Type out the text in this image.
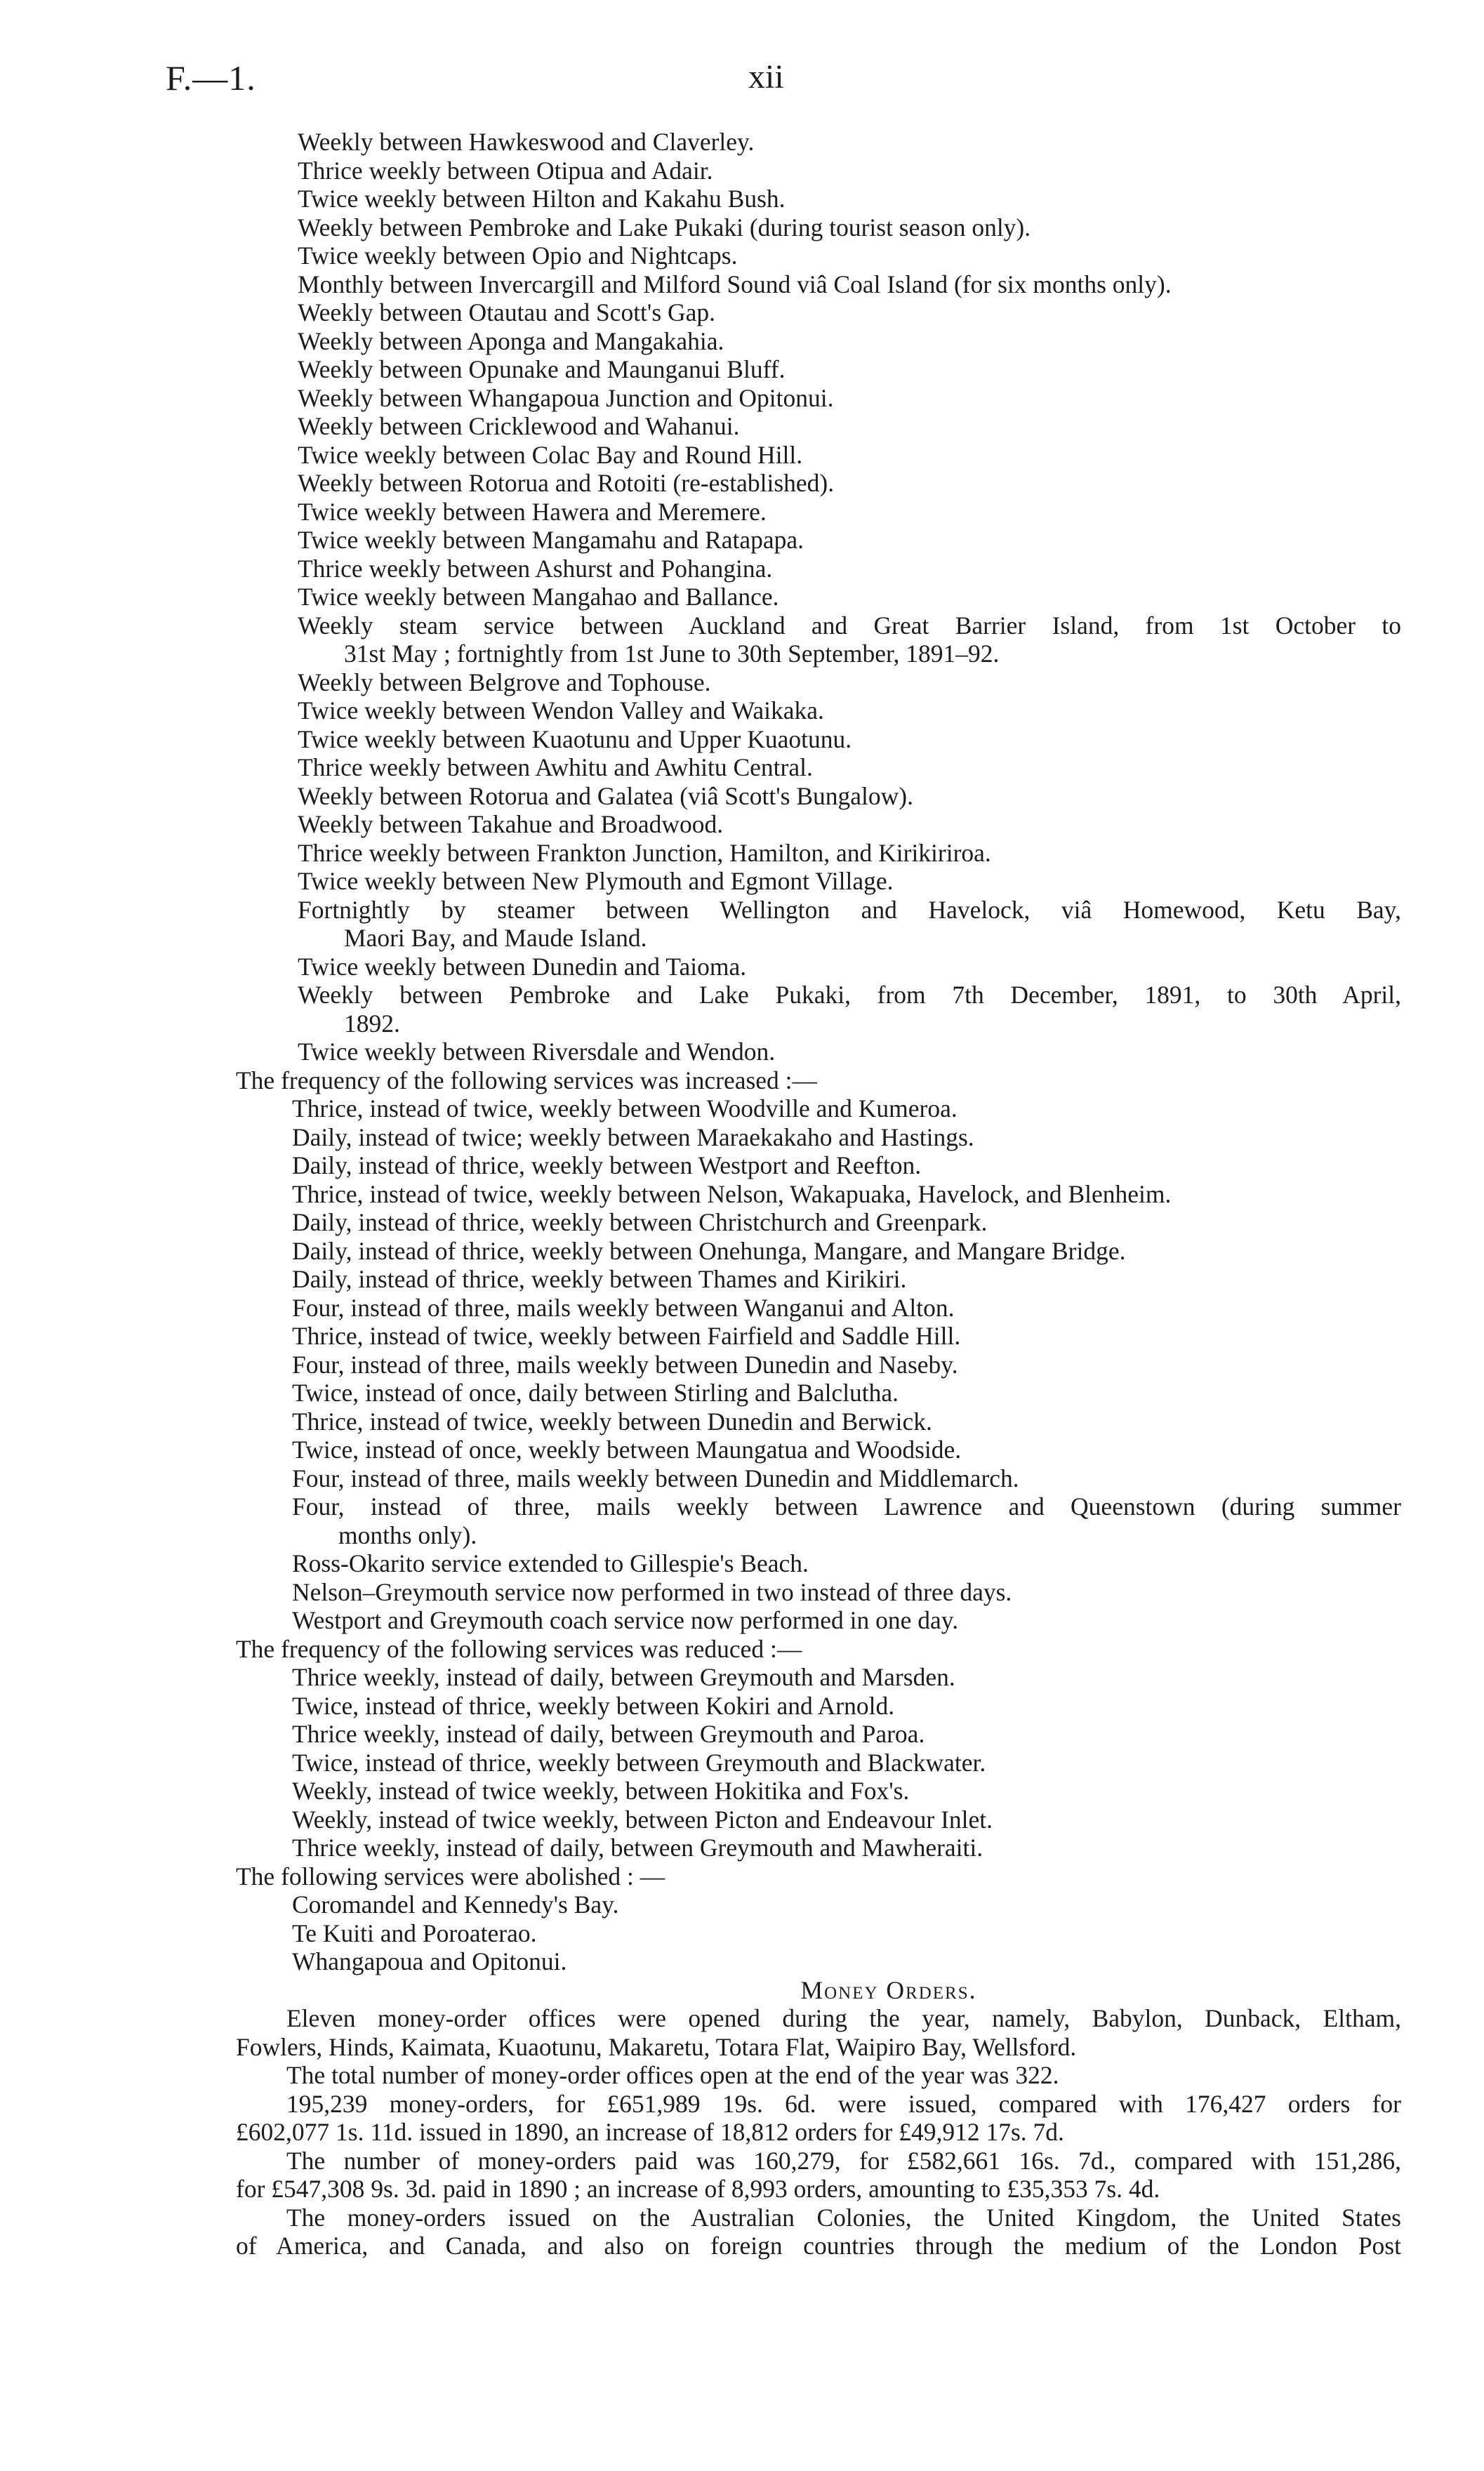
F.—1.	xii
Weekly between Hawkeswood and Claverley.
Thrice weekly between Otipua and Adair.
Twice weekly between Hilton and Kakahu Bush.
Weekly between Pembroke and Lake Pukaki (during tourist season only).
Twice weekly between Opio and Nightcaps.
Monthly between Invercargill and Milford Sound viâ Coal Island (for six months only).
Weekly between Otautau and Scott's Gap.
Weekly between Aponga and Mangakahia.
Weekly between Opunake and Maunganui Bluff.
Weekly between Whangapoua Junction and Opitonui.
Weekly between Cricklewood and Wahanui.
Twice weekly between Colac Bay and Round Hill.
Weekly between Rotorua and Rotoiti (re-established).
Twice weekly between Hawera and Meremere.
Twice weekly between Mangamahu and Ratapapa.
Thrice weekly between Ashurst and Pohangina.
Twice weekly between Mangahao and Ballance.
Weekly steam service between Auckland and Great Barrier Island, from 1st October to
31st May ; fortnightly from 1st June to 30th September, 1891–92.
Weekly between Belgrove and Tophouse.
Twice weekly between Wendon Valley and Waikaka.
Twice weekly between Kuaotunu and Upper Kuaotunu.
Thrice weekly between Awhitu and Awhitu Central.
Weekly between Rotorua and Galatea (viâ Scott's Bungalow).
Weekly between Takahue and Broadwood.
Thrice weekly between Frankton Junction, Hamilton, and Kirikiriroa.
Twice weekly between New Plymouth and Egmont Village.
Fortnightly by steamer between Wellington and Havelock, viâ Homewood, Ketu Bay,
Maori Bay, and Maude Island.
Twice weekly between Dunedin and Taioma.
Weekly between Pembroke and Lake Pukaki, from 7th December, 1891, to 30th April,
1892.
Twice weekly between Riversdale and Wendon.
The frequency of the following services was increased :—
Thrice, instead of twice, weekly between Woodville and Kumeroa.
Daily, instead of twice; weekly between Maraekakaho and Hastings.
Daily, instead of thrice, weekly between Westport and Reefton.
Thrice, instead of twice, weekly between Nelson, Wakapuaka, Havelock, and Blenheim.
Daily, instead of thrice, weekly between Christchurch and Greenpark.
Daily, instead of thrice, weekly between Onehunga, Mangare, and Mangare Bridge.
Daily, instead of thrice, weekly between Thames and Kirikiri.
Four, instead of three, mails weekly between Wanganui and Alton.
Thrice, instead of twice, weekly between Fairfield and Saddle Hill.
Four, instead of three, mails weekly between Dunedin and Naseby.
Twice, instead of once, daily between Stirling and Balclutha.
Thrice, instead of twice, weekly between Dunedin and Berwick.
Twice, instead of once, weekly between Maungatua and Woodside.
Four, instead of three, mails weekly between Dunedin and Middlemarch.
Four, instead of three, mails weekly between Lawrence and Queenstown (during summer
months only).
Ross-Okarito service extended to Gillespie's Beach.
Nelson–Greymouth service now performed in two instead of three days.
Westport and Greymouth coach service now performed in one day.
The frequency of the following services was reduced :—
Thrice weekly, instead of daily, between Greymouth and Marsden.
Twice, instead of thrice, weekly between Kokiri and Arnold.
Thrice weekly, instead of daily, between Greymouth and Paroa.
Twice, instead of thrice, weekly between Greymouth and Blackwater.
Weekly, instead of twice weekly, between Hokitika and Fox's.
Weekly, instead of twice weekly, between Picton and Endeavour Inlet.
Thrice weekly, instead of daily, between Greymouth and Mawheraiti.
The following services were abolished : —
Coromandel and Kennedy's Bay.
Te Kuiti and Poroaterao.
Whangapoua and Opitonui.
Money Orders.
Eleven money-order offices were opened during the year, namely, Babylon, Dunback, Eltham,
Fowlers, Hinds, Kaimata, Kuaotunu, Makaretu, Totara Flat, Waipiro Bay, Wellsford.
The total number of money-order offices open at the end of the year was 322.
195,239 money-orders, for £651,989 19s. 6d. were issued, compared with 176,427 orders for
£602,077 1s. 11d. issued in 1890, an increase of 18,812 orders for £49,912 17s. 7d.
The number of money-orders paid was 160,279, for £582,661 16s. 7d., compared with 151,286,
for £547,308 9s. 3d. paid in 1890 ; an increase of 8,993 orders, amounting to £35,353 7s. 4d.
The money-orders issued on the Australian Colonies, the United Kingdom, the United States
of America, and Canada, and also on foreign countries through the medium of the London Post
